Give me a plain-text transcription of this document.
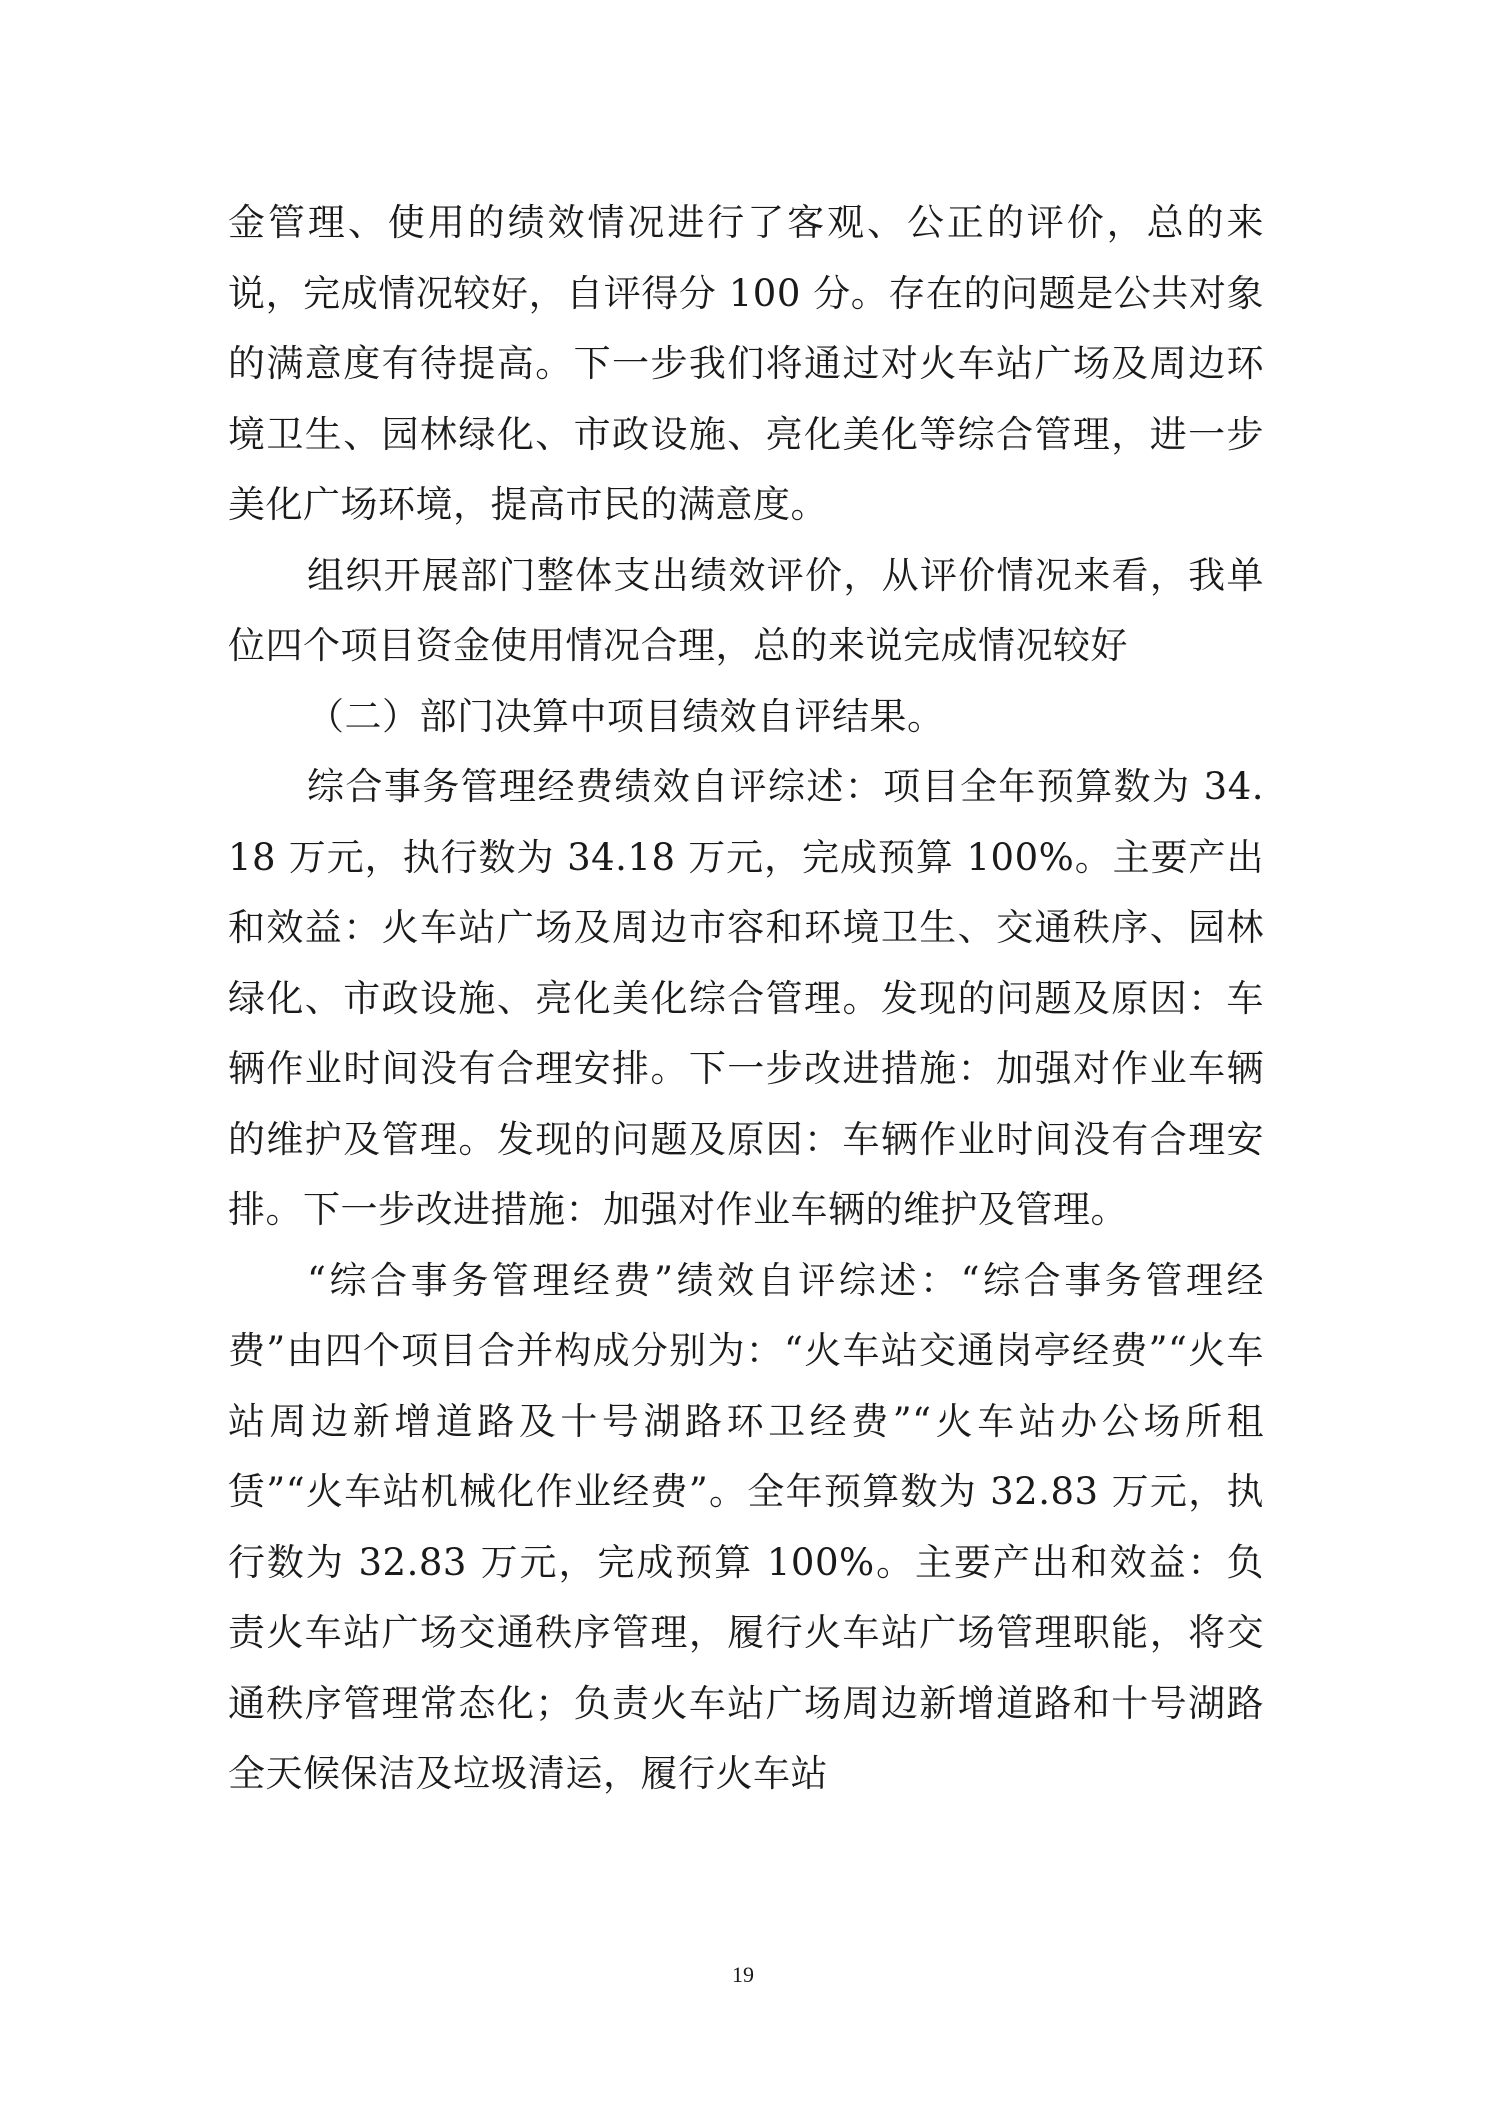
金管理、使用的绩效情况进行了客观、公正的评价，总的来说，完成情况较好，自评得分 100 分。存在的问题是公共对象的满意度有待提高。下一步我们将通过对火车站广场及周边环境卫生、园林绿化、市政设施、亮化美化等综合管理，进一步美化广场环境，提高市民的满意度。

组织开展部门整体支出绩效评价，从评价情况来看，我单位四个项目资金使用情况合理，总的来说完成情况较好

（二）部门决算中项目绩效自评结果。

综合事务管理经费绩效自评综述：项目全年预算数为 34.18 万元，执行数为 34.18 万元，完成预算 100%。主要产出和效益：火车站广场及周边市容和环境卫生、交通秩序、园林绿化、市政设施、亮化美化综合管理。发现的问题及原因：车辆作业时间没有合理安排。下一步改进措施：加强对作业车辆的维护及管理。发现的问题及原因：车辆作业时间没有合理安排。下一步改进措施：加强对作业车辆的维护及管理。

“综合事务管理经费”绩效自评综述：“综合事务管理经费”由四个项目合并构成分别为：“火车站交通岗亭经费”“火车站周边新增道路及十号湖路环卫经费”“火车站办公场所租赁”“火车站机械化作业经费”。全年预算数为 32.83 万元，执行数为 32.83 万元，完成预算 100%。主要产出和效益：负责火车站广场交通秩序管理，履行火车站广场管理职能，将交通秩序管理常态化；负责火车站广场周边新增道路和十号湖路全天候保洁及垃圾清运，履行火车站

19
